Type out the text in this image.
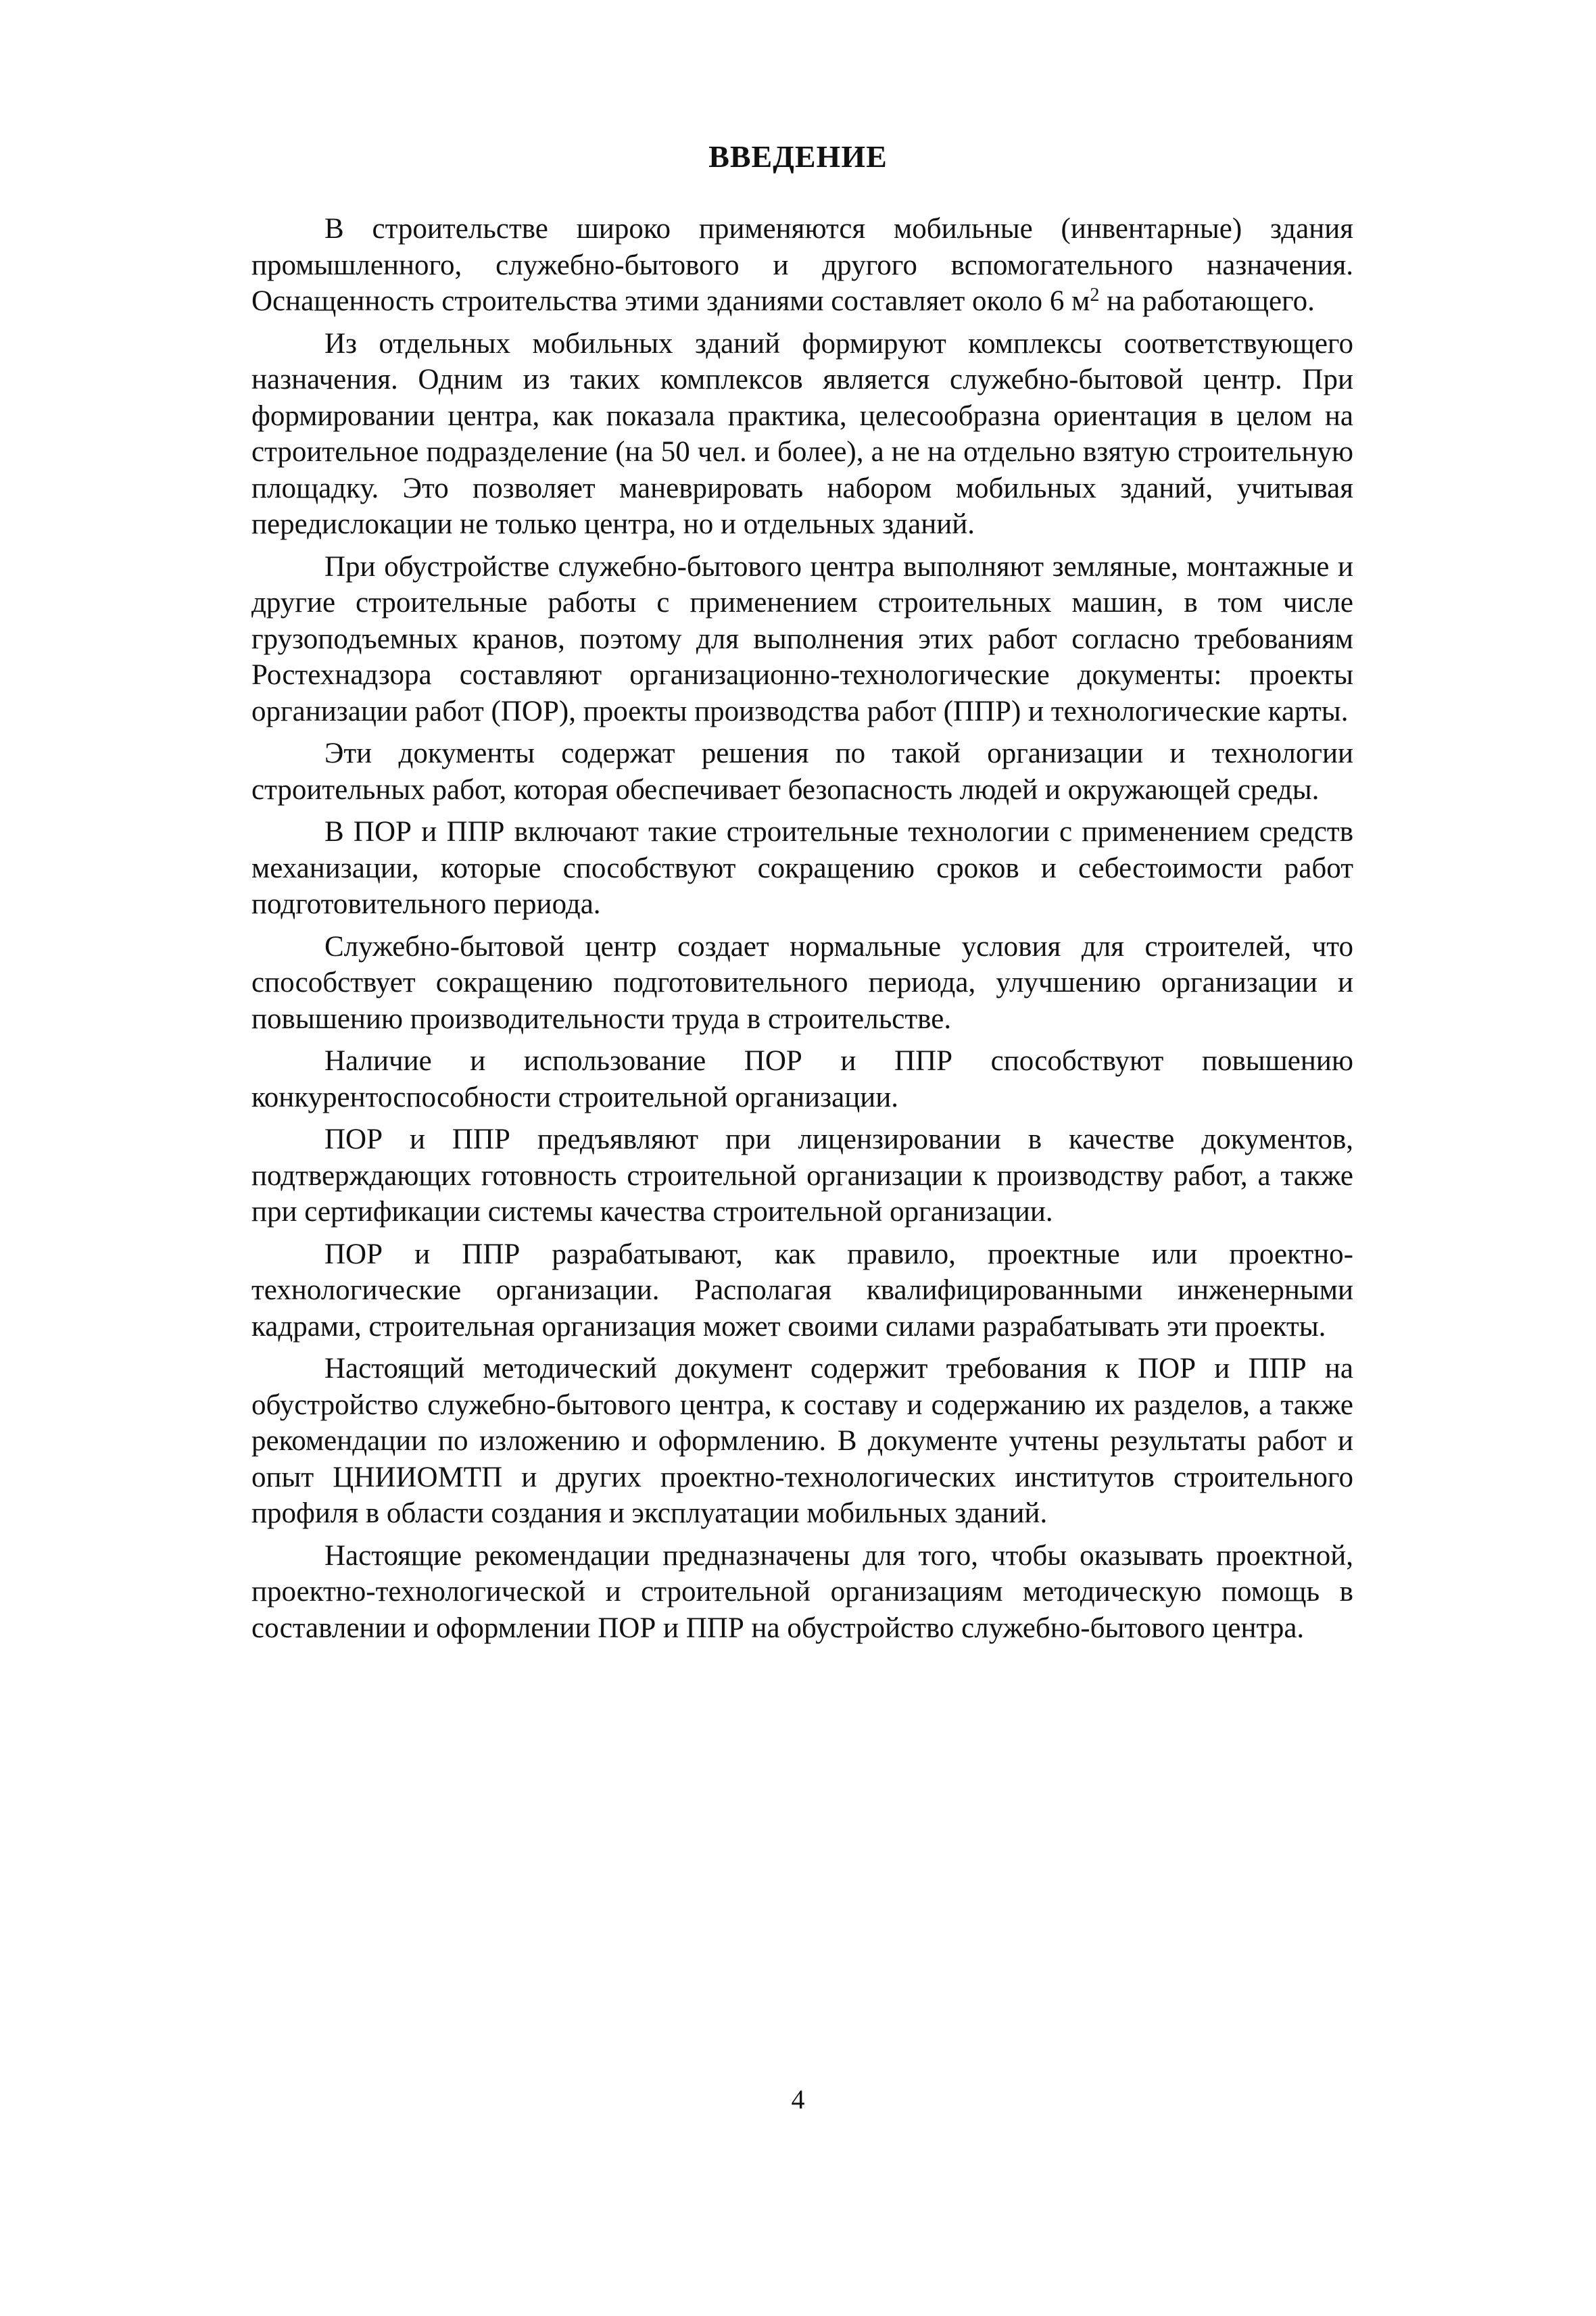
ВВЕДЕНИЕ

В строительстве широко применяются мобильные (инвентарные) здания промышленного, служебно-бытового и другого вспомогательного назначения. Оснащенность строительства этими зданиями составляет около 6 $м^2$ на работающего.

Из отдельных мобильных зданий формируют комплексы соответствующего назначения. Одним из таких комплексов является служебно-бытовой центр. При формировании центра, как показала практика, целесообразна ориентация в целом на строительное подразделение (на 50 чел. и более), а не на отдельно взятую строительную площадку. Это позволяет маневрировать набором мобильных зданий, учитывая передислокации не только центра, но и отдельных зданий.

При обустройстве служебно-бытового центра выполняют земляные, монтажные и другие строительные работы с применением строительных машин, в том числе грузоподъемных кранов, поэтому для выполнения этих работ согласно требованиям Ростехнадзора составляют организационно-технологические документы: проекты организации работ (ПОР), проекты производства работ (ППР) и технологические карты.

Эти документы содержат решения по такой организации и технологии строительных работ, которая обеспечивает безопасность людей и окружающей среды.

В ПОР и ППР включают такие строительные технологии с применением средств механизации, которые способствуют сокращению сроков и себестоимости работ подготовительного периода.

Служебно-бытовой центр создает нормальные условия для строителей, что способствует сокращению подготовительного периода, улучшению организации и повышению производительности труда в строительстве.

Наличие и использование ПОР и ППР способствуют повышению конкурентоспособности строительной организации.

ПОР и ППР предъявляют при лицензировании в качестве документов, подтверждающих готовность строительной организации к производству работ, а также при сертификации системы качества строительной организации.

ПОР и ППР разрабатывают, как правило, проектные или проектно-технологические организации. Располагая квалифицированными инженерными кадрами, строительная организация может своими силами разрабатывать эти проекты.

Настоящий методический документ содержит требования к ПОР и ППР на обустройство служебно-бытового центра, к составу и содержанию их разделов, а также рекомендации по изложению и оформлению. В документе учтены результаты работ и опыт ЦНИИОМТП и других проектно-технологических институтов строительного профиля в области создания и эксплуатации мобильных зданий.

Настоящие рекомендации предназначены для того, чтобы оказывать проектной, проектно-технологической и строительной организациям методическую помощь в составлении и оформлении ПОР и ППР на обустройство служебно-бытового центра.

4
